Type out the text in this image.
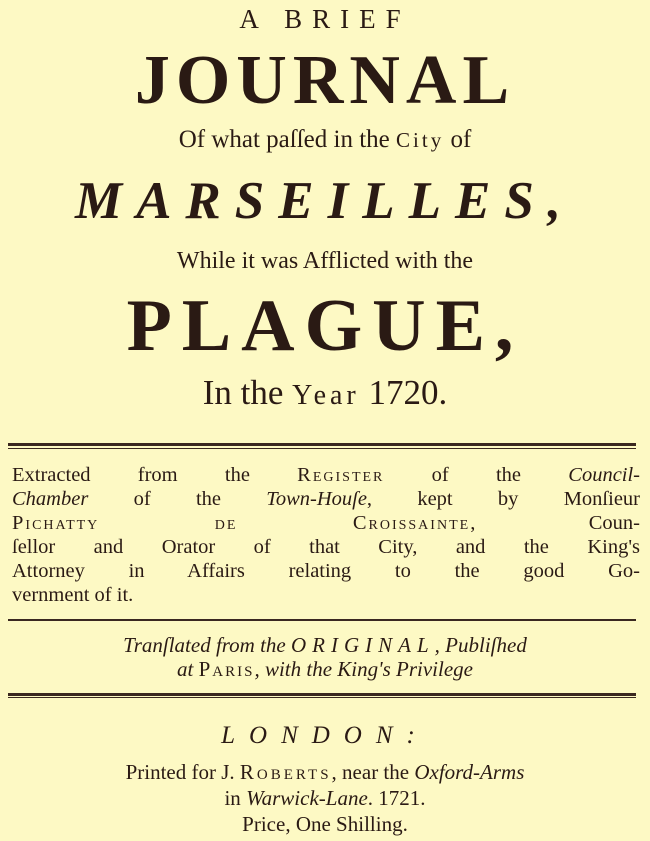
A BRIEF
JOURNAL
Of what paſſed in the City of
MARSEILLES,
While it was Afflicted with the
PLAGUE,
In the Year 1720.
Extracted from the Register of the Council-
Chamber of the Town-Houſe, kept by Monſieur
Pichatty de Croissainte, Coun-
ſellor and Orator of that City, and the King's
Attorney in Affairs relating to the good Go-
vernment of it.
Tranſlated from the ORIGINAL, Publiſhed
at Paris, with the King's Privilege
LONDON:
Printed for J. Roberts, near the Oxford-Arms
in Warwick-Lane. 1721.
Price, One Shilling.
